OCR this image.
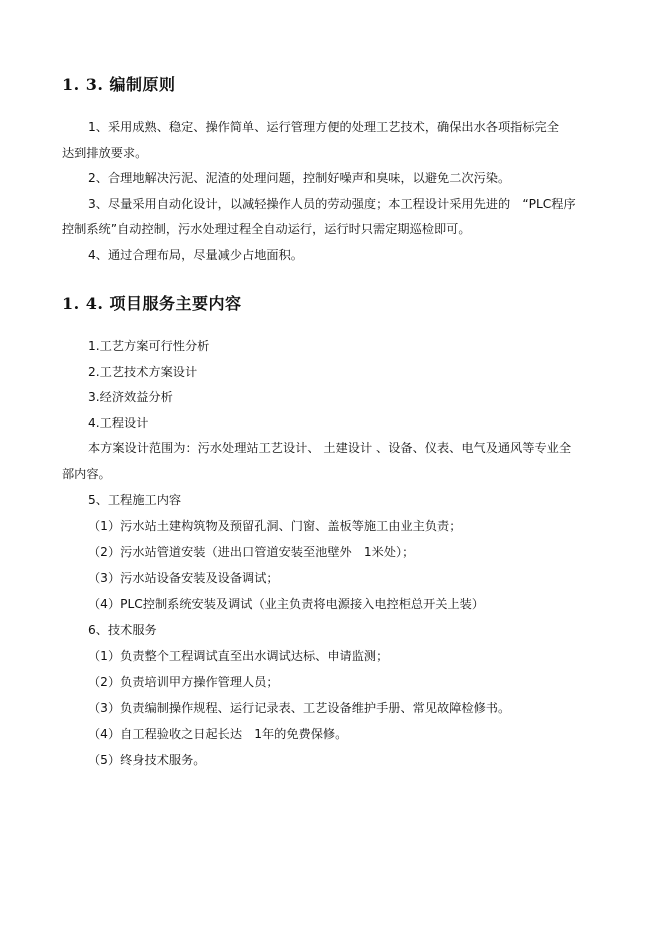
1. 3. 编制原则
1、采用成熟、稳定、操作简单、运行管理方便的处理工艺技术，确保出水各项指标完全
达到排放要求。
2、合理地解决污泥、泥渣的处理问题，控制好噪声和臭味，以避免二次污染。
3、尽量采用自动化设计，以减轻操作人员的劳动强度；本工程设计采用先进的　“PLC程序
控制系统”自动控制，污水处理过程全自动运行，运行时只需定期巡检即可。
4、通过合理布局，尽量减少占地面积。
1. 4. 项目服务主要内容
1.工艺方案可行性分析
2.工艺技术方案设计
3.经济效益分析
4.工程设计
本方案设计范围为：污水处理站工艺设计、 土建设计 、设备、仪表、电气及通风等专业全
部内容。
5、工程施工内容
（1）污水站土建构筑物及预留孔洞、门窗、盖板等施工由业主负责；
（2）污水站管道安装（进出口管道安装至池壁外　1米处）；
（3）污水站设备安装及设备调试；
（4）PLC控制系统安装及调试（业主负责将电源接入电控柜总开关上装）
6、技术服务
（1）负责整个工程调试直至出水调试达标、申请监测；
（2）负责培训甲方操作管理人员；
（3）负责编制操作规程、运行记录表、工艺设备维护手册、常见故障检修书。
（4）自工程验收之日起长达　1年的免费保修。
（5）终身技术服务。
